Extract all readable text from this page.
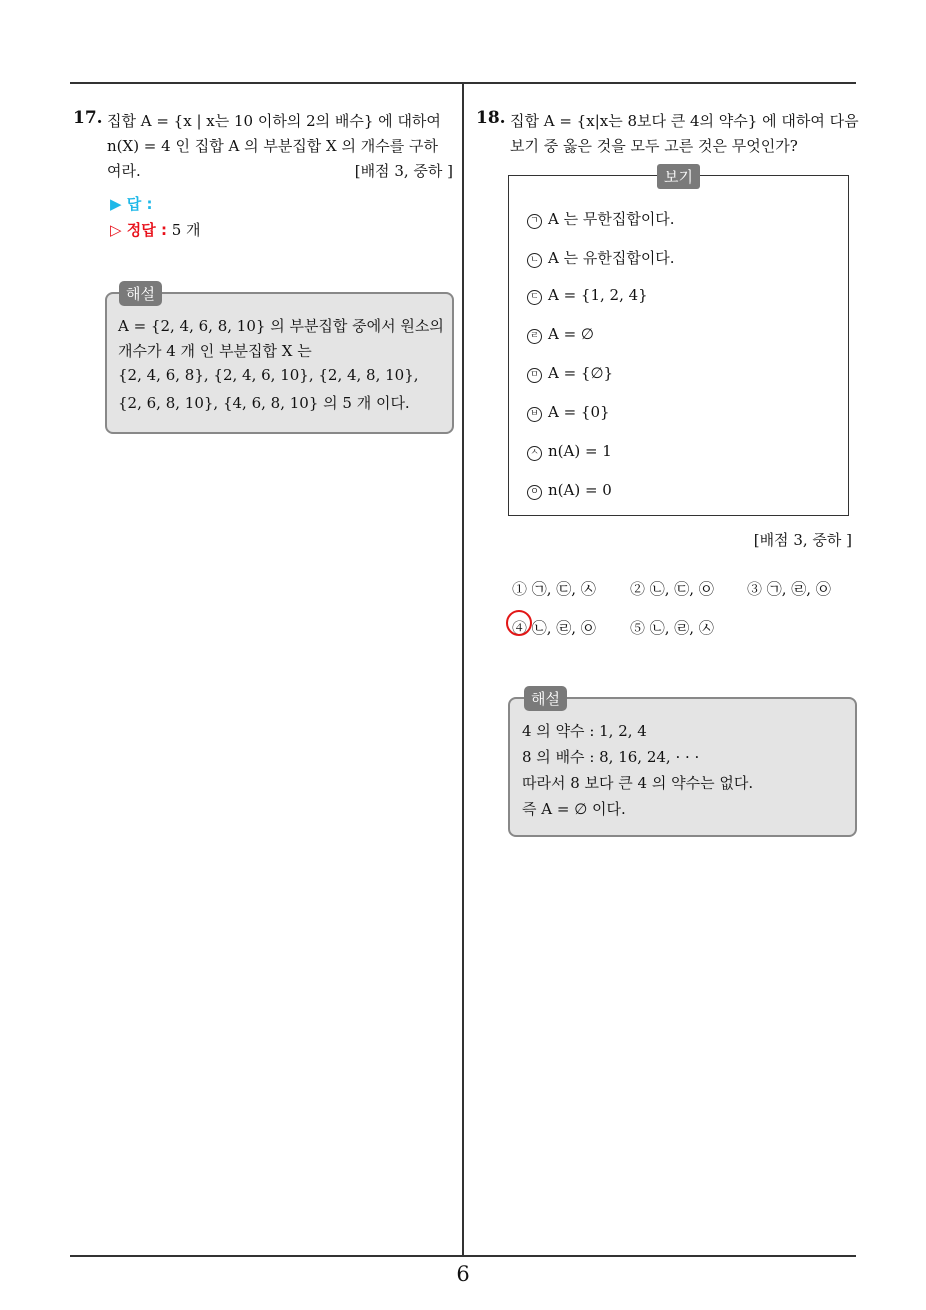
6
17. 집합 A = {x | x는 10 이하의 2의 배수} 에 대하여
n(X) = 4 인 집합 A 의 부분집합 X 의 개수를 구하
여라.	[배점 3, 중하 ]
▶ 답 :
▷ 정답 : 5 개
해설
A = {2, 4, 6, 8, 10} 의 부분집합 중에서 원소의
개수가 4 개 인 부분집합 X 는
{2, 4, 6, 8}, {2, 4, 6, 10}, {2, 4, 8, 10},
{2, 6, 8, 10}, {4, 6, 8, 10} 의 5 개 이다.
18. 집합 A = {x|x는 8보다 큰 4의 약수} 에 대하여 다음
보기 중 옳은 것을 모두 고른 것은 무엇인가?
보기
ㄱ A 는 무한집합이다.
ㄴ A 는 유한집합이다.
ㄷ A = {1, 2, 4}
ㄹ A = ∅
ㅁ A = {∅}
ㅂ A = {0}
ㅅ n(A) = 1
ㅇ n(A) = 0
[배점 3, 중하 ]
① ㉠, ㉢, ㉦ ② ㉡, ㉢, ㉧ ③ ㉠, ㉣, ㉧
④ ㉡, ㉣, ㉧ ⑤ ㉡, ㉣, ㉦
해설
4 의 약수 : 1, 2, 4
8 의 배수 : 8, 16, 24, · · ·
따라서 8 보다 큰 4 의 약수는 없다.
즉 A = ∅ 이다.
